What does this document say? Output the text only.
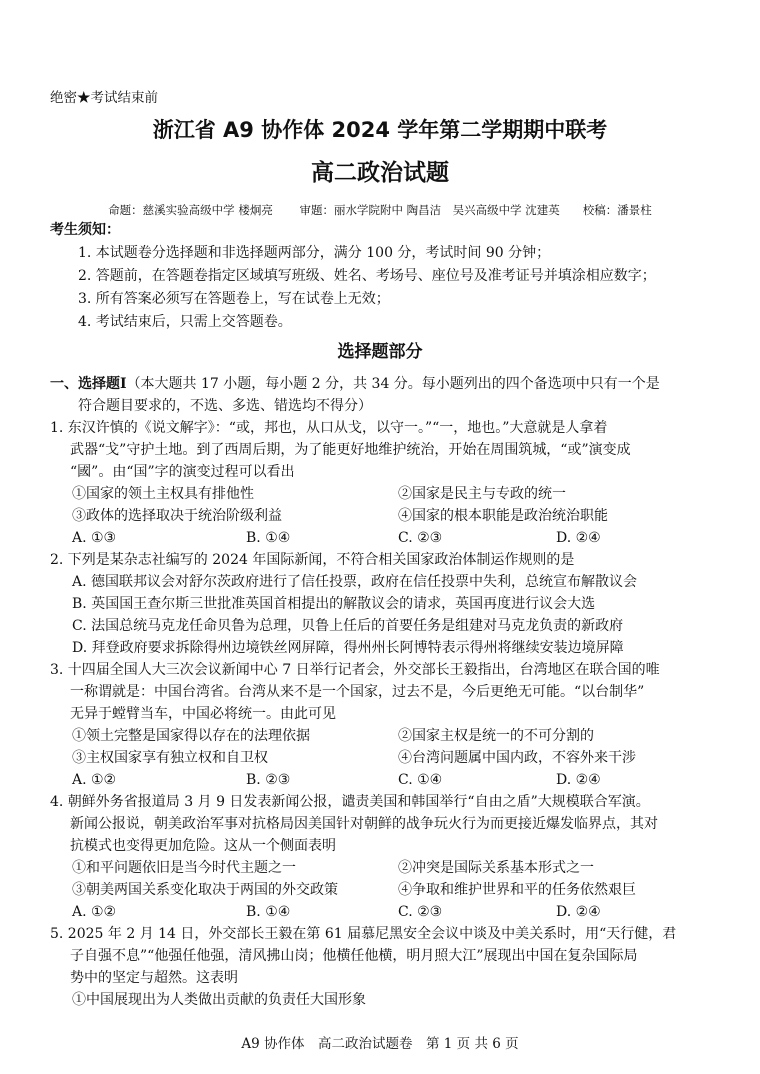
绝密★考试结束前
浙江省 A9 协作体 2024 学年第二学期期中联考
高二政治试题
命题：慈溪实验高级中学 楼炯亮　　 审题：丽水学院附中 陶昌洁　吴兴高级中学 沈建英　　校稿：潘景柱
考生须知：
1. 本试题卷分选择题和非选择题两部分，满分 100 分，考试时间 90 分钟；
2. 答题前，在答题卷指定区域填写班级、姓名、考场号、座位号及准考证号并填涂相应数字；
3. 所有答案必须写在答题卷上，写在试卷上无效；
4. 考试结束后，只需上交答题卷。
选择题部分
一、选择题Ⅰ（本大题共 17 小题，每小题 2 分，共 34 分。每小题列出的四个备选项中只有一个是
符合题目要求的，不选、多选、错选均不得分）
1. 东汉许慎的《说文解字》：“或，邦也，从口从戈，以守一。”“一，地也。”大意就是人拿着
武器“戈”守护土地。到了西周后期，为了能更好地维护统治，开始在周围筑城，“或”演变成
“國”。由“国”字的演变过程可以看出
①国家的领土主权具有排他性	②国家是民主与专政的统一
③政体的选择取决于统治阶级利益	④国家的根本职能是政治统治职能
A. ①③	B. ①④	C. ②③	D. ②④
2. 下列是某杂志社编写的 2024 年国际新闻，不符合相关国家政治体制运作规则的是
A. 德国联邦议会对舒尔茨政府进行了信任投票，政府在信任投票中失利，总统宣布解散议会
B. 英国国王查尔斯三世批准英国首相提出的解散议会的请求，英国再度进行议会大选
C. 法国总统马克龙任命贝鲁为总理，贝鲁上任后的首要任务是组建对马克龙负责的新政府
D. 拜登政府要求拆除得州边境铁丝网屏障，得州州长阿博特表示得州将继续安装边境屏障
3. 十四届全国人大三次会议新闻中心 7 日举行记者会，外交部长王毅指出，台湾地区在联合国的唯
一称谓就是：中国台湾省。台湾从来不是一个国家，过去不是，今后更绝无可能。“以台制华”
无异于螳臂当车，中国必将统一。由此可见
①领土完整是国家得以存在的法理依据	②国家主权是统一的不可分割的
③主权国家享有独立权和自卫权	④台湾问题属中国内政，不容外来干涉
A. ①②	B. ②③	C. ①④	D. ②④
4. 朝鲜外务省报道局 3 月 9 日发表新闻公报，谴责美国和韩国举行“自由之盾”大规模联合军演。
新闻公报说，朝美政治军事对抗格局因美国针对朝鲜的战争玩火行为而更接近爆发临界点，其对
抗模式也变得更加危险。这从一个侧面表明
①和平问题依旧是当今时代主题之一	②冲突是国际关系基本形式之一
③朝美两国关系变化取决于两国的外交政策	④争取和维护世界和平的任务依然艰巨
A. ①②	B. ①④	C. ②③	D. ②④
5. 2025 年 2 月 14 日，外交部长王毅在第 61 届慕尼黑安全会议中谈及中美关系时，用“天行健，君
子自强不息”“他强任他强，清风拂山岗；他横任他横，明月照大江”展现出中国在复杂国际局
势中的坚定与超然。这表明
①中国展现出为人类做出贡献的负责任大国形象
A9 协作体　高二政治试题卷　第 1 页 共 6 页
